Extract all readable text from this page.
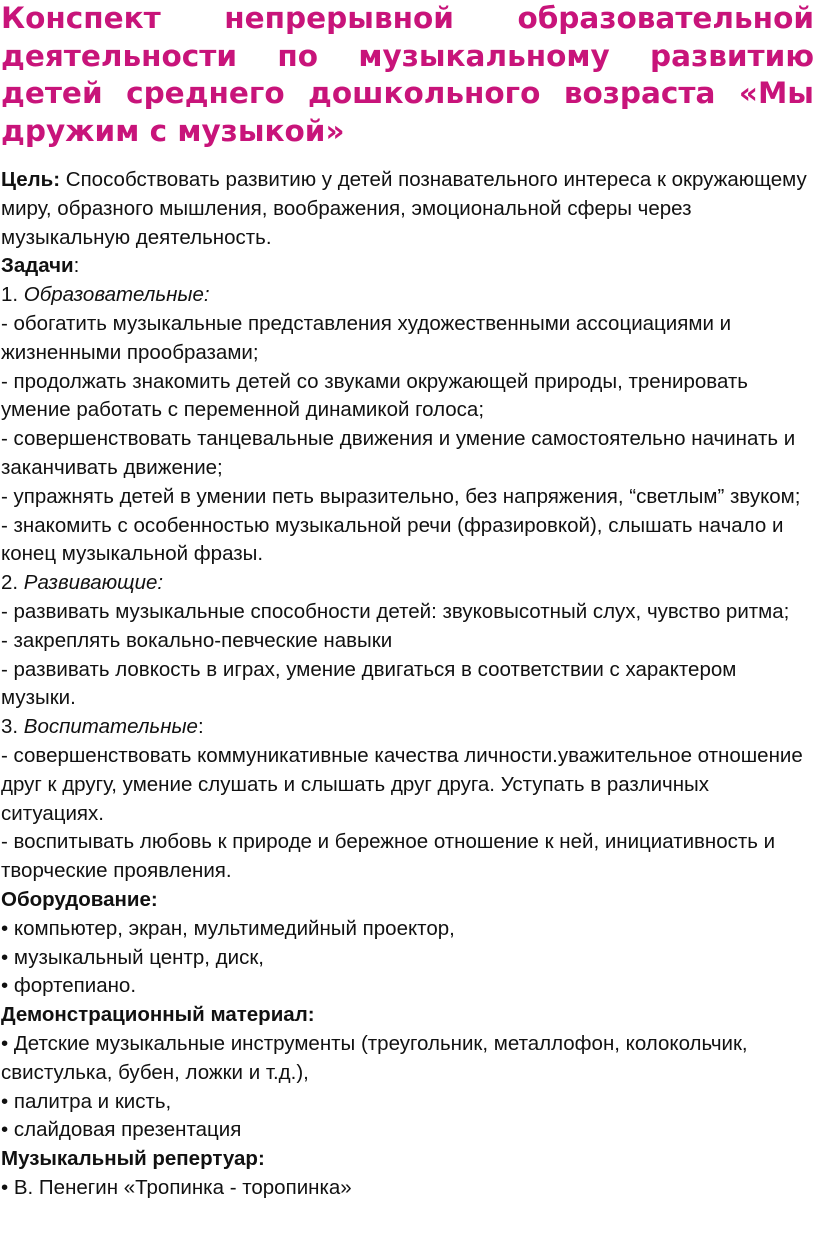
Конспект непрерывной образовательной деятельности по музыкальному развитию детей среднего дошкольного возраста «Мы дружим с музыкой»
Цель: Способствовать развитию у детей познавательного интереса к окружающему миру, образного мышления, воображения, эмоциональной сферы через музыкальную деятельность.
Задачи:
1. Образовательные:
- обогатить музыкальные представления художественными ассоциациями и жизненными прообразами;
- продолжать знакомить детей со звуками окружающей природы, тренировать умение работать с переменной динамикой голоса;
- совершенствовать танцевальные движения и умение самостоятельно начинать и заканчивать движение;
- упражнять детей в умении петь выразительно, без напряжения, “светлым” звуком;
- знакомить с особенностью музыкальной речи (фразировкой), слышать начало и конец музыкальной фразы.
2. Развивающие:
- развивать музыкальные способности детей: звуковысотный слух, чувство ритма;
- закреплять вокально-певческие навыки
- развивать ловкость в играх, умение двигаться в соответствии с характером музыки.
3. Воспитательные:
- совершенствовать коммуникативные качества личности.уважительное отношение друг к другу, умение слушать и слышать друг друга. Уступать в различных ситуациях.
- воспитывать любовь к природе и бережное отношение к ней, инициативность и творческие проявления.
Оборудование:
• компьютер, экран, мультимедийный проектор,
• музыкальный центр, диск,
• фортепиано.
Демонстрационный материал:
• Детские музыкальные инструменты (треугольник, металлофон, колокольчик, свистулька, бубен, ложки и т.д.),
• палитра и кисть,
• слайдовая презентация
Музыкальный репертуар:
• В. Пенегин «Тропинка - торопинка»
